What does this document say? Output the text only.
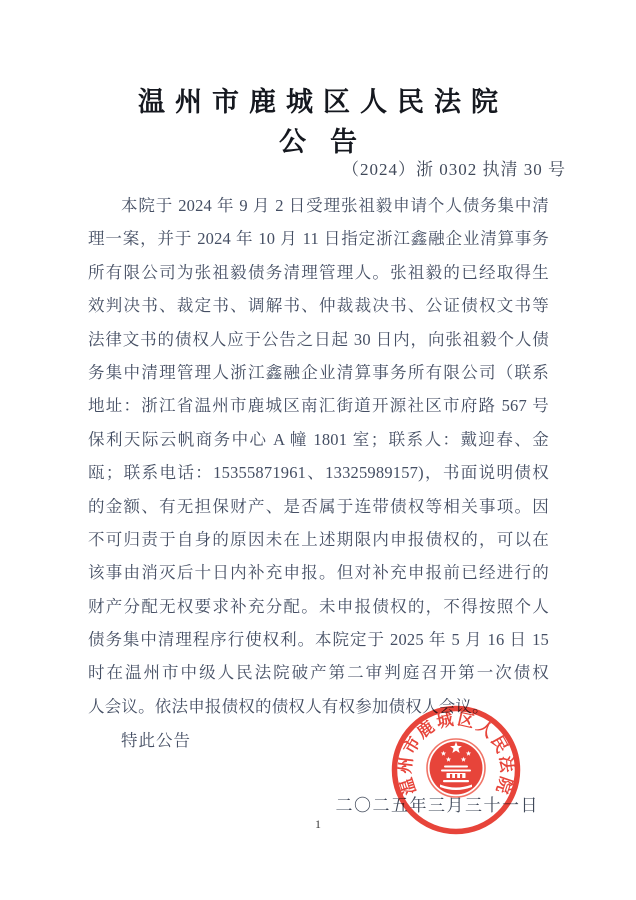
温州市鹿城区人民法院
公告
（2024）浙 0302 执清 30 号
本院于 2024 年 9 月 2 日受理张祖毅申请个人债务集中清
理一案，并于 2024 年 10 月 11 日指定浙江鑫融企业清算事务
所有限公司为张祖毅债务清理管理人。张祖毅的已经取得生
效判决书、裁定书、调解书、仲裁裁决书、公证债权文书等
法律文书的债权人应于公告之日起 30 日内，向张祖毅个人债
务集中清理管理人浙江鑫融企业清算事务所有限公司（联系
地址：浙江省温州市鹿城区南汇街道开源社区市府路 567 号
保利天际云帆商务中心 A 幢 1801 室；联系人：戴迎春、金
瓯；联系电话：15355871961、13325989157)，书面说明债权
的金额、有无担保财产、是否属于连带债权等相关事项。因
不可归责于自身的原因未在上述期限内申报债权的，可以在
该事由消灭后十日内补充申报。但对补充申报前已经进行的
财产分配无权要求补充分配。未申报债权的，不得按照个人
债务集中清理程序行使权利。本院定于 2025 年 5 月 16 日 15
时在温州市中级人民法院破产第二审判庭召开第一次债权
人会议。依法申报债权的债权人有权参加债权人会议。

特此公告

二〇二五年三月三十一日
温州市鹿城区人民法院
1
